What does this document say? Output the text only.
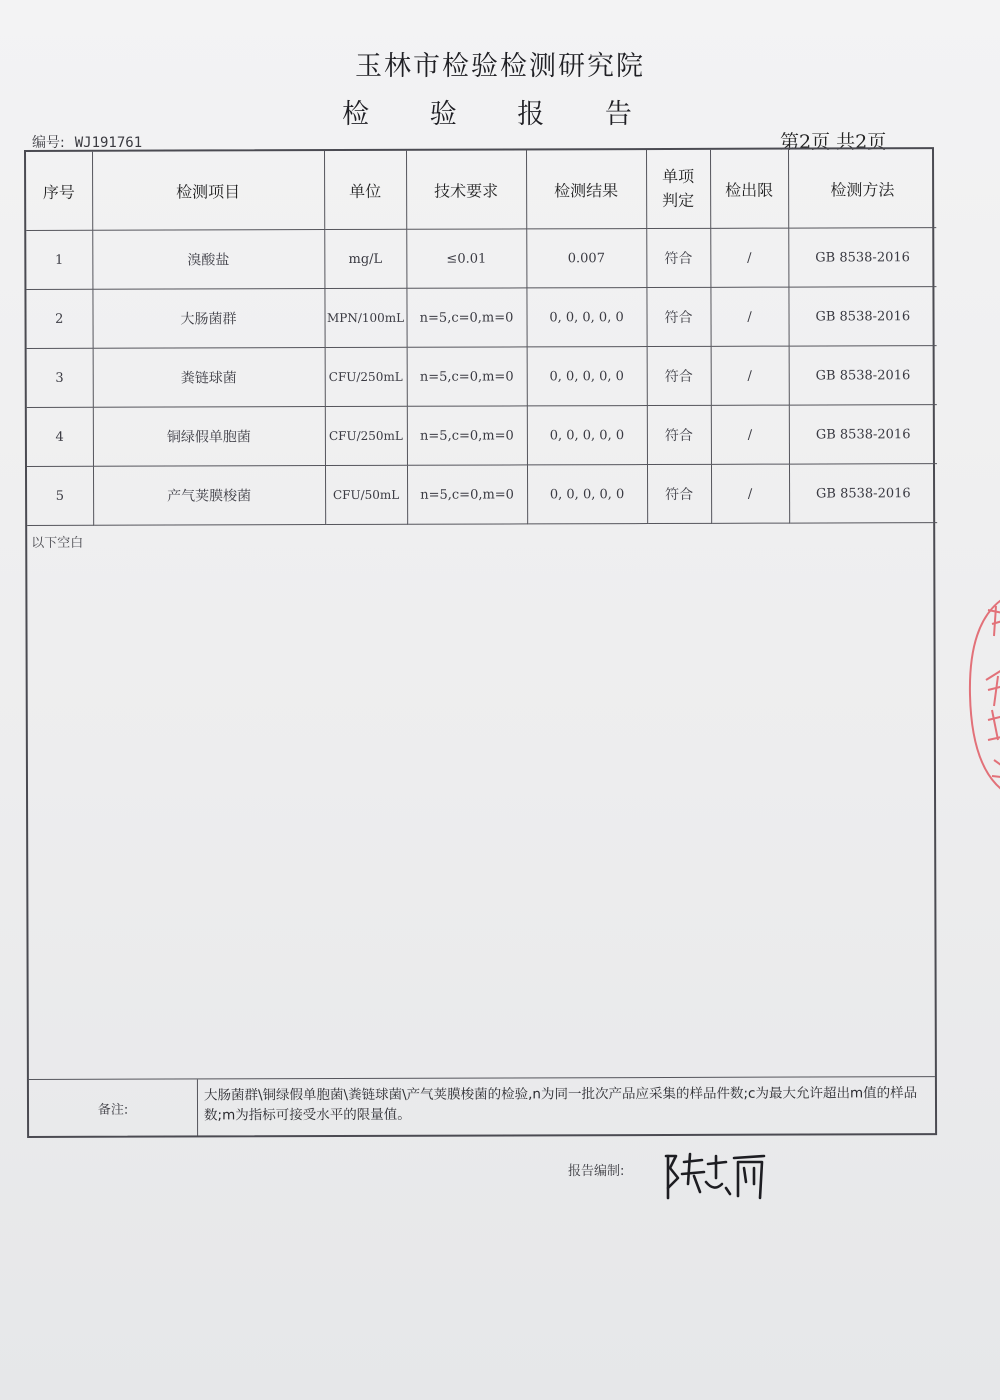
玉林市检验检测研究院
检 验 报 告
编号: WJ191761	第2页 共2页
序号	检测项目	单位	技术要求	检测结果	单项判定	检出限	检测方法
1	溴酸盐	mg/L	≤0.01	0.007	符合	/	GB 8538-2016
2	大肠菌群	MPN/100mL	n=5,c=0,m=0	0, 0, 0, 0, 0	符合	/	GB 8538-2016
3	粪链球菌	CFU/250mL	n=5,c=0,m=0	0, 0, 0, 0, 0	符合	/	GB 8538-2016
4	铜绿假单胞菌	CFU/250mL	n=5,c=0,m=0	0, 0, 0, 0, 0	符合	/	GB 8538-2016
5	产气荚膜梭菌	CFU/50mL	n=5,c=0,m=0	0, 0, 0, 0, 0	符合	/	GB 8538-2016
以下空白
备注:
大肠菌群\铜绿假单胞菌\粪链球菌\产气荚膜梭菌的检验,n为同一批次产品应采集的样品件数;c为最大允许超出m值的样品数;m为指标可接受水平的限量值。
报告编制:
